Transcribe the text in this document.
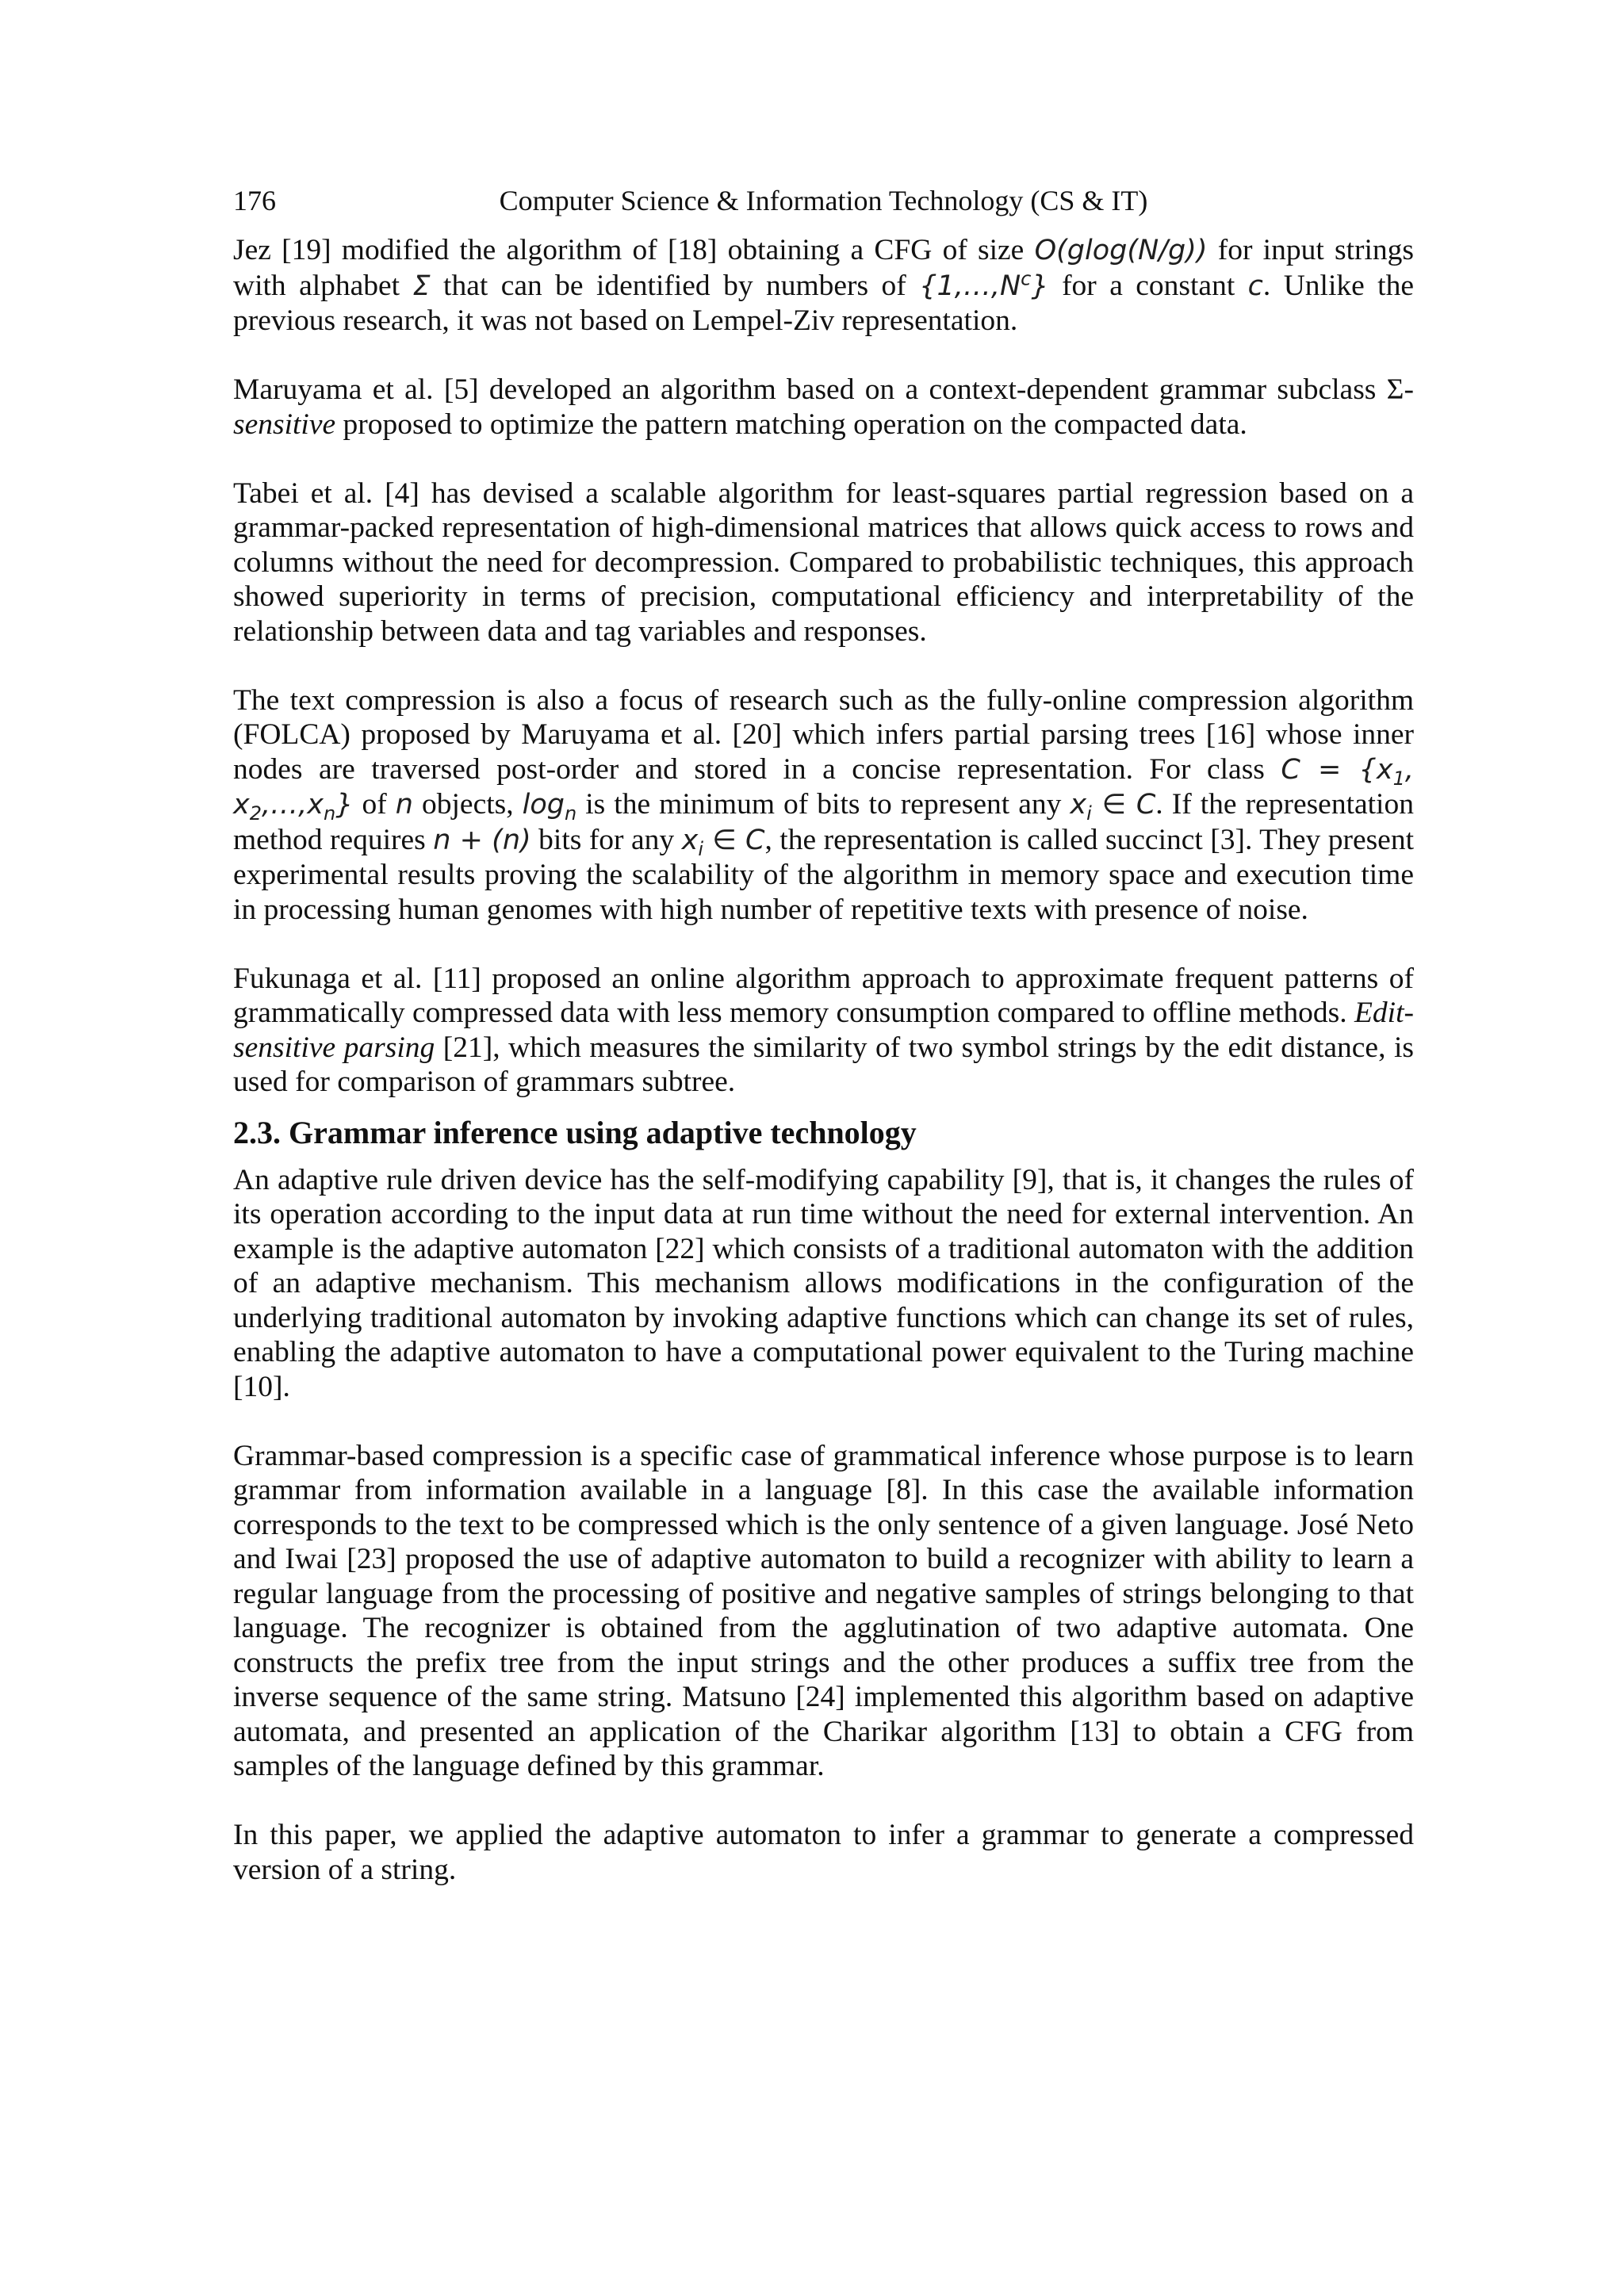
176	Computer Science & Information Technology (CS & IT)

Jez [19] modified the algorithm of [18] obtaining a CFG of size O(glog(N/g)) for input strings with alphabet Σ that can be identified by numbers of $\{1,\dots,N^c\}$ for a constant c. Unlike the previous research, it was not based on Lempel-Ziv representation.

Maruyama et al. [5] developed an algorithm based on a context-dependent grammar subclass Σ-sensitive proposed to optimize the pattern matching operation on the compacted data.

Tabei et al. [4] has devised a scalable algorithm for least-squares partial regression based on a grammar-packed representation of high-dimensional matrices that allows quick access to rows and columns without the need for decompression. Compared to probabilistic techniques, this approach showed superiority in terms of precision, computational efficiency and interpretability of the relationship between data and tag variables and responses.

The text compression is also a focus of research such as the fully-online compression algorithm (FOLCA) proposed by Maruyama et al. [20] which infers partial parsing trees [16] whose inner nodes are traversed post-order and stored in a concise representation. For class $C = \{x_1$, $x_2,\dots,x_n$} of n objects, $\log_n$ is the minimum of bits to represent any $x_i$ ∈ C. If the representation method requires n + (n) bits for any $x_i$ ∈ C, the representation is called succinct [3]. They present experimental results proving the scalability of the algorithm in memory space and execution time in processing human genomes with high number of repetitive texts with presence of noise.

Fukunaga et al. [11] proposed an online algorithm approach to approximate frequent patterns of grammatically compressed data with less memory consumption compared to offline methods. Edit-sensitive parsing [21], which measures the similarity of two symbol strings by the edit distance, is used for comparison of grammars subtree.

2.3. Grammar inference using adaptive technology

An adaptive rule driven device has the self-modifying capability [9], that is, it changes the rules of its operation according to the input data at run time without the need for external intervention. An example is the adaptive automaton [22] which consists of a traditional automaton with the addition of an adaptive mechanism. This mechanism allows modifications in the configuration of the underlying traditional automaton by invoking adaptive functions which can change its set of rules, enabling the adaptive automaton to have a computational power equivalent to the Turing machine [10].

Grammar-based compression is a specific case of grammatical inference whose purpose is to learn grammar from information available in a language [8]. In this case the available information corresponds to the text to be compressed which is the only sentence of a given language. José Neto and Iwai [23] proposed the use of adaptive automaton to build a recognizer with ability to learn a regular language from the processing of positive and negative samples of strings belonging to that language. The recognizer is obtained from the agglutination of two adaptive automata. One constructs the prefix tree from the input strings and the other produces a suffix tree from the inverse sequence of the same string. Matsuno [24] implemented this algorithm based on adaptive automata, and presented an application of the Charikar algorithm [13] to obtain a CFG from samples of the language defined by this grammar.

In this paper, we applied the adaptive automaton to infer a grammar to generate a compressed version of a string.
